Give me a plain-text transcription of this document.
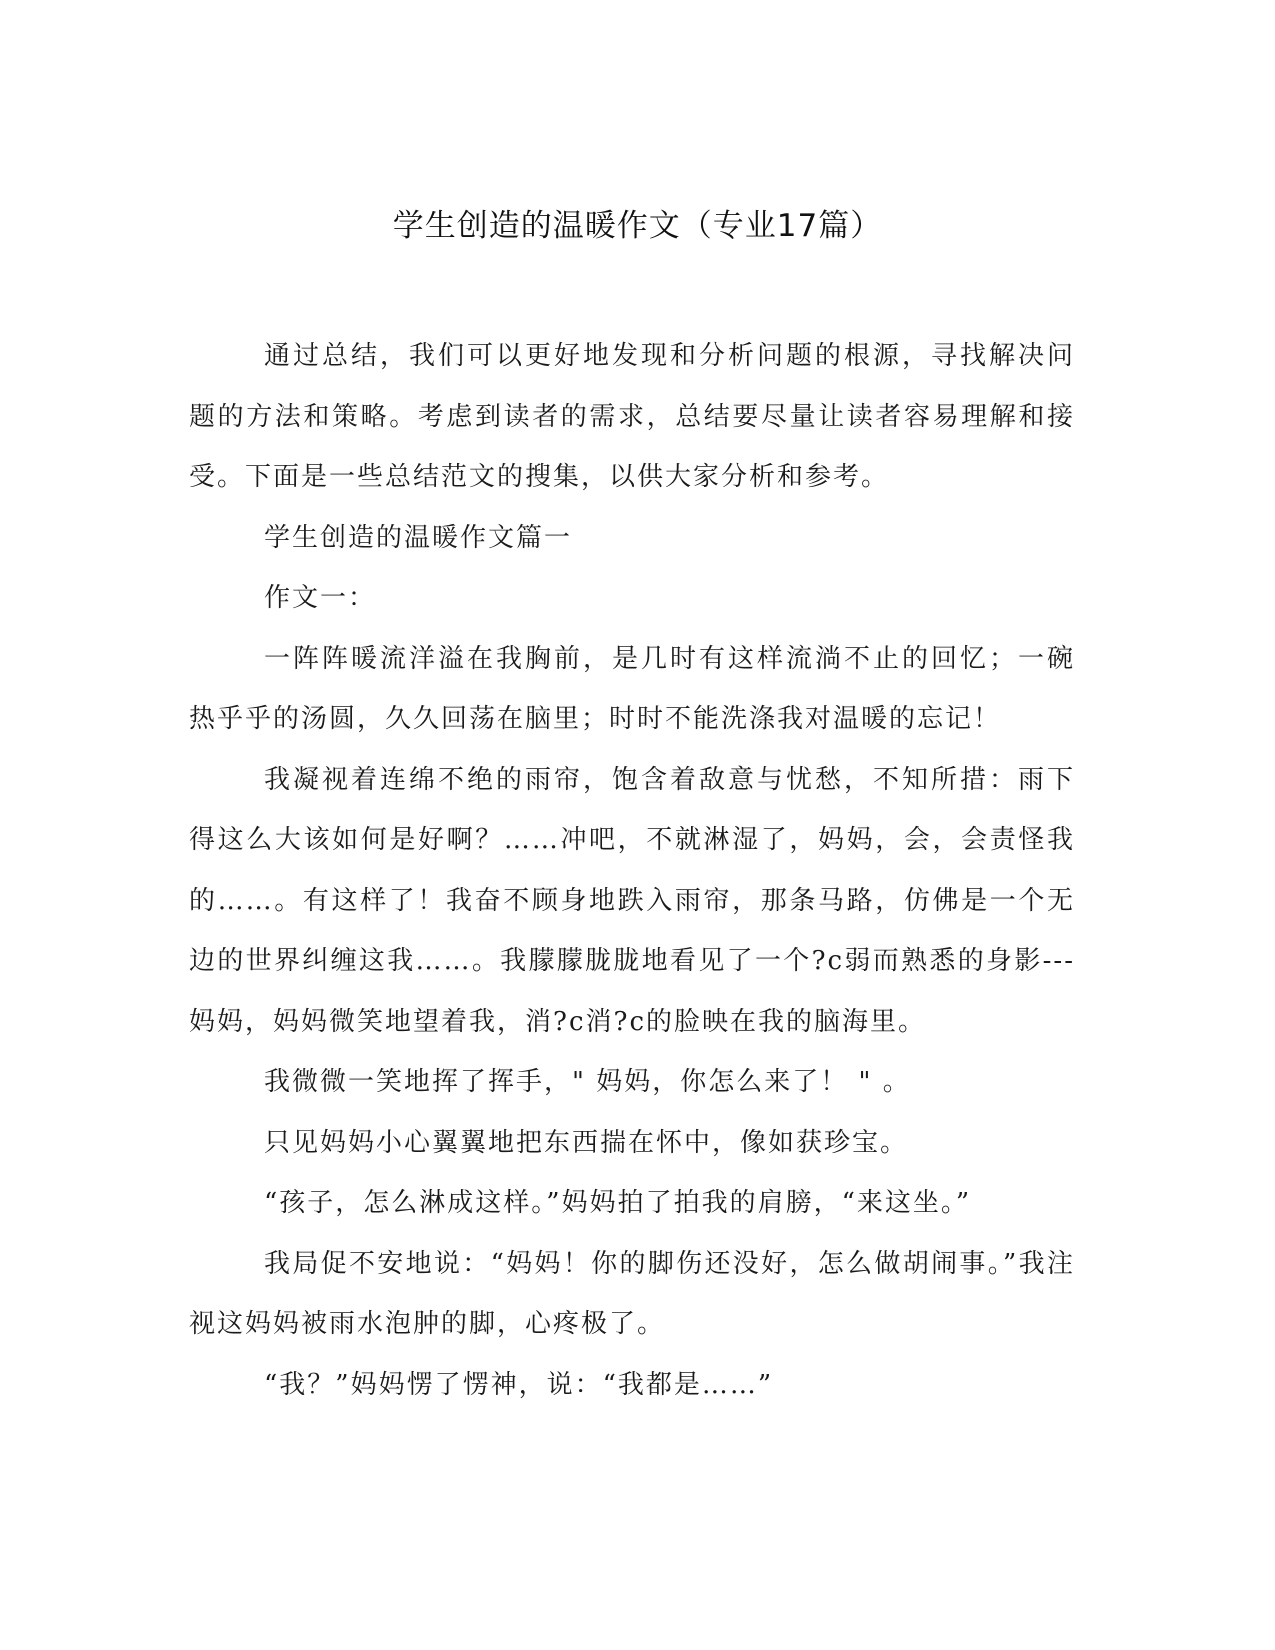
学生创造的温暖作文（专业17篇）

通过总结，我们可以更好地发现和分析问题的根源，寻找解决问题的方法和策略。考虑到读者的需求，总结要尽量让读者容易理解和接受。下面是一些总结范文的搜集，以供大家分析和参考。

学生创造的温暖作文篇一

作文一：

一阵阵暖流洋溢在我胸前，是几时有这样流淌不止的回忆；一碗热乎乎的汤圆，久久回荡在脑里；时时不能洗涤我对温暖的忘记！

我凝视着连绵不绝的雨帘，饱含着敌意与忧愁，不知所措：雨下得这么大该如何是好啊？……冲吧，不就淋湿了，妈妈，会，会责怪我的……。有这样了！我奋不顾身地跌入雨帘，那条马路，仿佛是一个无边的世界纠缠这我……。我朦朦胧胧地看见了一个?c弱而熟悉的身影---妈妈，妈妈微笑地望着我，消?c消?c的脸映在我的脑海里。

我微微一笑地挥了挥手，" 妈妈，你怎么来了！ " 。

只见妈妈小心翼翼地把东西揣在怀中，像如获珍宝。

“孩子，怎么淋成这样。”妈妈拍了拍我的肩膀，“来这坐。”

我局促不安地说：“妈妈！你的脚伤还没好，怎么做胡闹事。”我注视这妈妈被雨水泡肿的脚，心疼极了。

“我？”妈妈愣了愣神，说：“我都是……”
